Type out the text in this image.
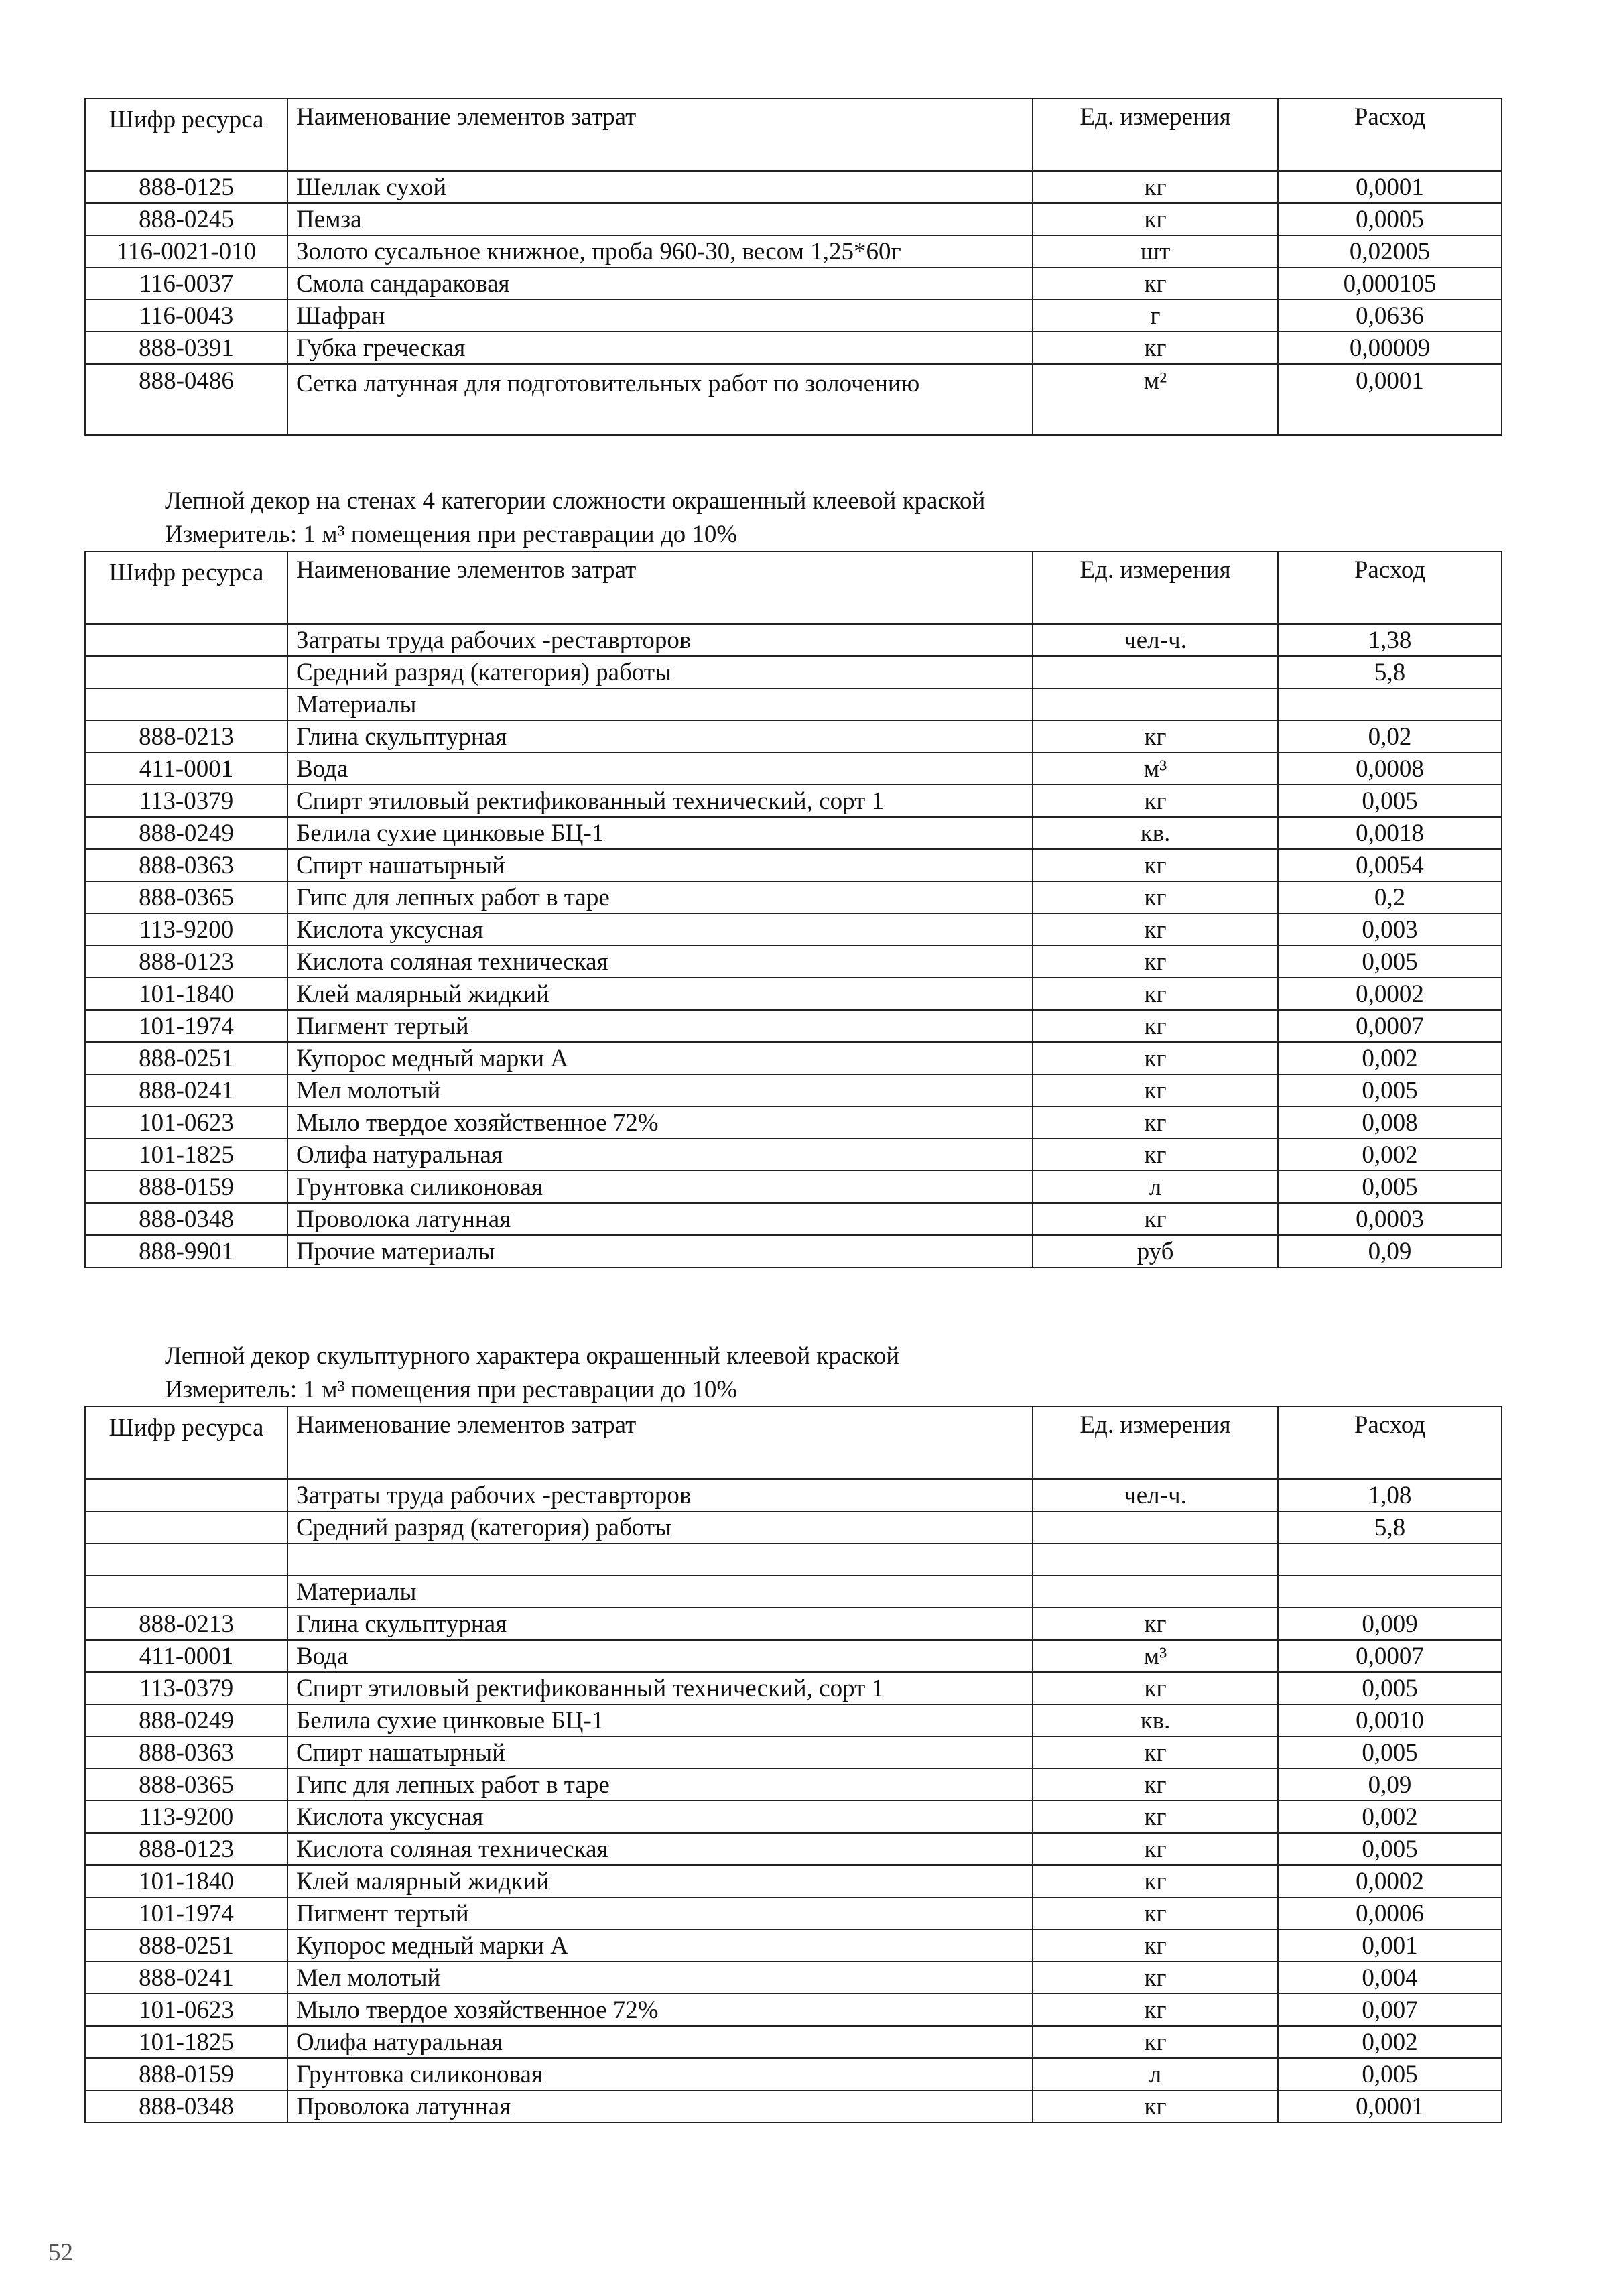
Шифр ресурса	Наименование элементов затрат	Ед. измерения	Расход
888-0125	Шеллак сухой	кг	0,0001
888-0245	Пемза	кг	0,0005
116-0021-010	Золото сусальное книжное, проба 960-30, весом 1,25*60г	шт	0,02005
116-0037	Смола сандараковая	кг	0,000105
116-0043	Шафран	г	0,0636
888-0391	Губка греческая	кг	0,00009
888-0486	Сетка латунная для подготовительных работ по золочению	м²	0,0001
Лепной декор на стенах 4 категории сложности окрашенный клеевой краской
Измеритель: 1 м³ помещения при реставрации до 10%
Шифр ресурса	Наименование элементов затрат	Ед. измерения	Расход
	Затраты труда рабочих -реставрторов	чел-ч.	1,38
	Средний разряд (категория) работы		5,8
	Материалы		
888-0213	Глина скульптурная	кг	0,02
411-0001	Вода	м³	0,0008
113-0379	Спирт этиловый ректификованный технический, сорт 1	кг	0,005
888-0249	Белила сухие цинковые БЦ-1	кв.	0,0018
888-0363	Спирт нашатырный	кг	0,0054
888-0365	Гипс для лепных работ в таре	кг	0,2
113-9200	Кислота уксусная	кг	0,003
888-0123	Кислота соляная техническая	кг	0,005
101-1840	Клей малярный жидкий	кг	0,0002
101-1974	Пигмент тертый	кг	0,0007
888-0251	Купорос медный марки А	кг	0,002
888-0241	Мел молотый	кг	0,005
101-0623	Мыло твердое хозяйственное 72%	кг	0,008
101-1825	Олифа натуральная	кг	0,002
888-0159	Грунтовка силиконовая	л	0,005
888-0348	Проволока латунная	кг	0,0003
888-9901	Прочие материалы	руб	0,09
Лепной декор скульптурного характера окрашенный клеевой краской
Измеритель: 1 м³ помещения при реставрации до 10%
Шифр ресурса	Наименование элементов затрат	Ед. измерения	Расход
	Затраты труда рабочих -реставрторов	чел-ч.	1,08
	Средний разряд (категория) работы		5,8

	Материалы		
888-0213	Глина скульптурная	кг	0,009
411-0001	Вода	м³	0,0007
113-0379	Спирт этиловый ректификованный технический, сорт 1	кг	0,005
888-0249	Белила сухие цинковые БЦ-1	кв.	0,0010
888-0363	Спирт нашатырный	кг	0,005
888-0365	Гипс для лепных работ в таре	кг	0,09
113-9200	Кислота уксусная	кг	0,002
888-0123	Кислота соляная техническая	кг	0,005
101-1840	Клей малярный жидкий	кг	0,0002
101-1974	Пигмент тертый	кг	0,0006
888-0251	Купорос медный марки А	кг	0,001
888-0241	Мел молотый	кг	0,004
101-0623	Мыло твердое хозяйственное 72%	кг	0,007
101-1825	Олифа натуральная	кг	0,002
888-0159	Грунтовка силиконовая	л	0,005
888-0348	Проволока латунная	кг	0,0001
52
